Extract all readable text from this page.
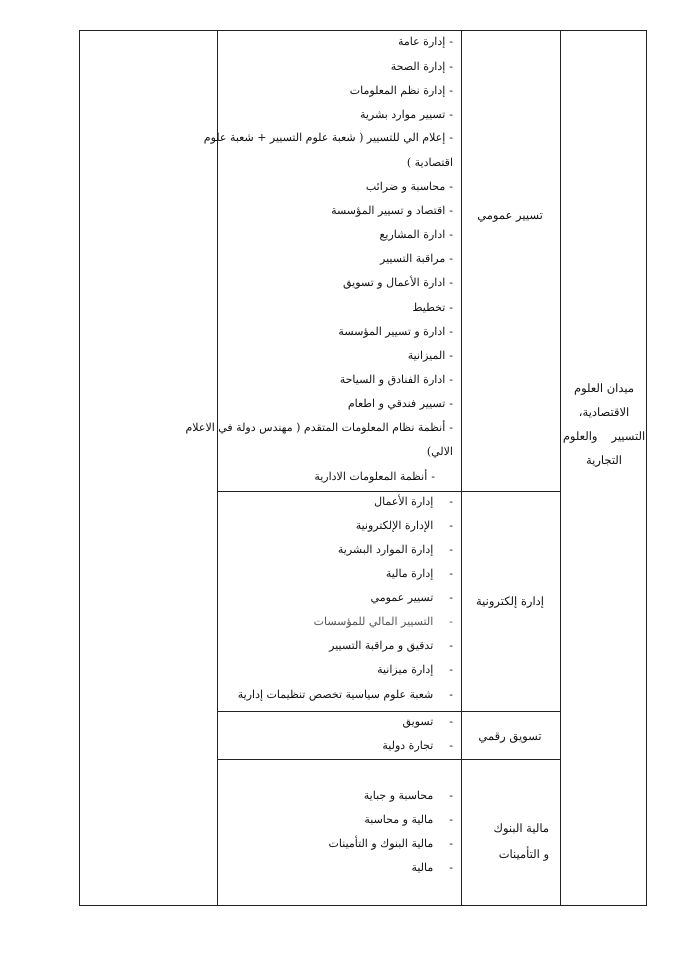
ميدان العلوم
الاقتصادية،
التسيير
والعلوم
التجارية
تسيير عمومي
إدارة إلكترونية
تسويق رقمي
مالية البنوك
و التأمينات
-إدارة عامة
-إدارة الصحة
-إدارة نظم المعلومات
-تسيير موارد بشرية
-إعلام الي للتسيير ( شعبة علوم التسيير + شعبة علوم
اقتصادية )
-محاسبة و ضرائب
-اقتصاد و تسيير المؤسسة
-ادارة المشاريع
-مراقبة التسيير
-ادارة الأعمال و تسويق
-تخطيط
-ادارة و تسيير المؤسسة
-الميزانية
-ادارة الفنادق و السياحة
-تسيير فندقي و اطعام
-أنظمة نظام المعلومات المتقدم ( مهندس دولة في الاعلام
الالي)
-أنظمة المعلومات الادارية
-إدارة الأعمال
-الإدارة الإلكترونية
-إدارة الموارد البشرية
-إدارة مالية
-تسيير عمومي
-التسيير المالي للمؤسسات
-تدقيق و مراقبة التسيير
-إدارة ميزانية
-شعبة علوم سياسية تخصص تنظيمات إدارية
-تسويق
-تجارة دولية
-محاسبة و جباية
-مالية و محاسبة
-مالية البنوك و التأمينات
-مالية
